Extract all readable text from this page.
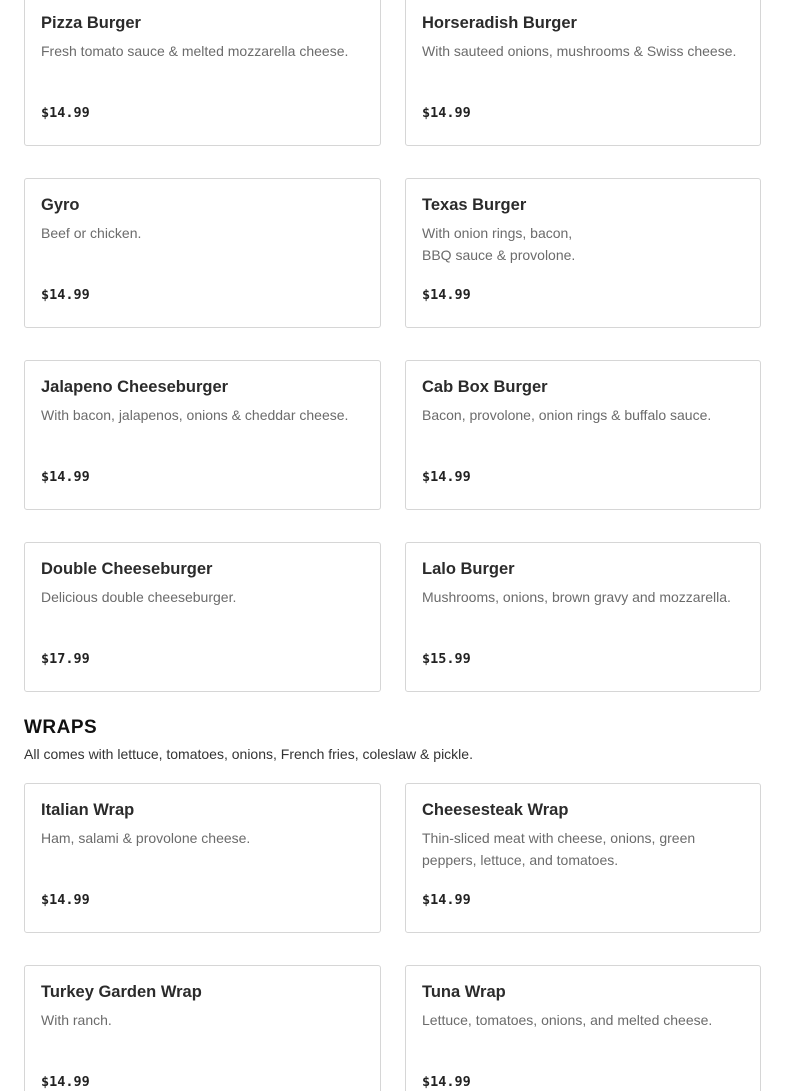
Pizza Burger
Fresh tomato sauce & melted mozzarella cheese.
$14.99
Horseradish Burger
With sauteed onions, mushrooms & Swiss cheese.
$14.99
Gyro
Beef or chicken.
$14.99
Texas Burger
With onion rings, bacon,
BBQ sauce & provolone.
$14.99
Jalapeno Cheeseburger
With bacon, jalapenos, onions & cheddar cheese.
$14.99
Cab Box Burger
Bacon, provolone, onion rings & buffalo sauce.
$14.99
Double Cheeseburger
Delicious double cheeseburger.
$17.99
Lalo Burger
Mushrooms, onions, brown gravy and mozzarella.
$15.99
WRAPS
All comes with lettuce, tomatoes, onions, French fries, coleslaw & pickle.
Italian Wrap
Ham, salami & provolone cheese.
$14.99
Cheesesteak Wrap
Thin-sliced meat with cheese, onions, green
peppers, lettuce, and tomatoes.
$14.99
Turkey Garden Wrap
With ranch.
$14.99
Tuna Wrap
Lettuce, tomatoes, onions, and melted cheese.
$14.99
